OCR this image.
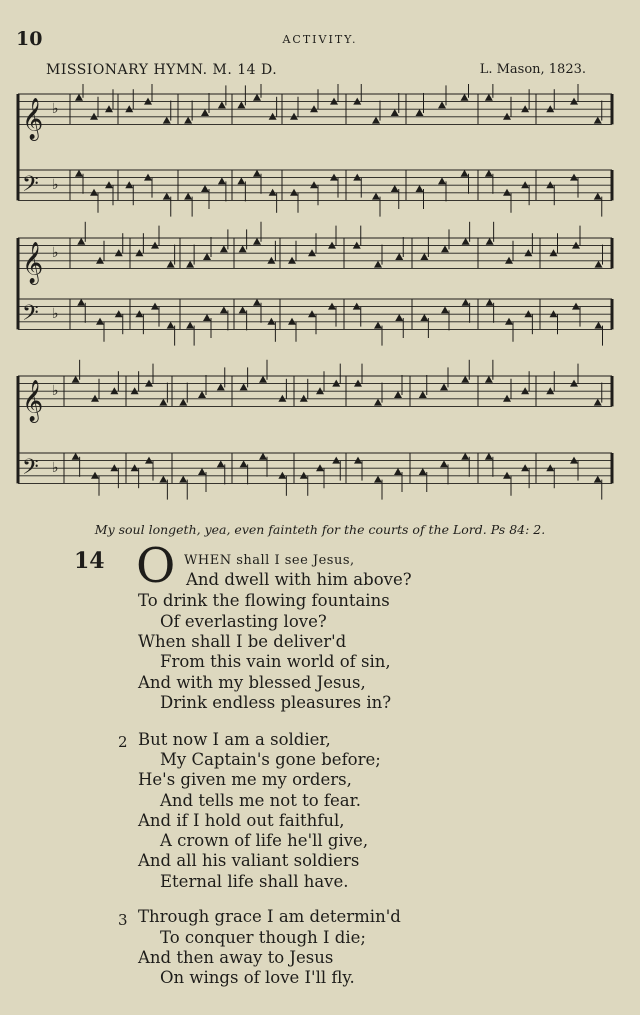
10	ACTIVITY.
MISSIONARY HYMN. M. 14 D.	L. Mason, 1823.
𝄞 ♭
𝄢 ♭
𝄞 ♭
𝄢 ♭
𝄞 ♭
𝄢 ♭
My soul longeth, yea, even fainteth for the courts of the Lord. Ps 84: 2.
14 O WHEN shall I see Jesus,
And dwell with him above?
To drink the flowing fountains
Of everlasting love?
When shall I be deliver'd
From this vain world of sin,
And with my blessed Jesus,
Drink endless pleasures in?
2 But now I am a soldier,
My Captain's gone before;
He's given me my orders,
And tells me not to fear.
And if I hold out faithful,
A crown of life he'll give,
And all his valiant soldiers
Eternal life shall have.
3 Through grace I am determin'd
To conquer though I die;
And then away to Jesus
On wings of love I'll fly.
